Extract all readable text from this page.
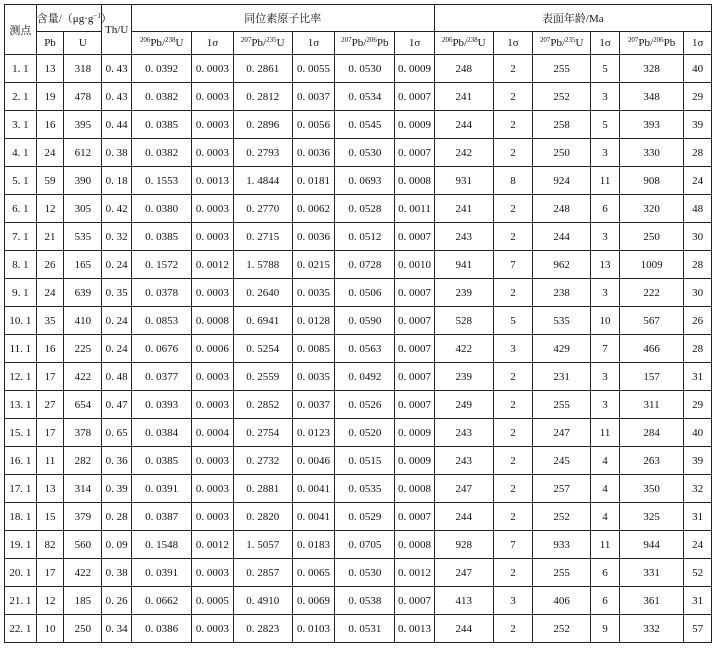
测点	含量$/(\mu g\cdot g^{-1})$		Th/U	同位素原子比率						表面年龄/Ma					
	Pb	U		$^{206}$Pb/$^{238}$U	1σ	$^{207}$Pb/$^{235}$U	1σ	$^{207}$Pb/$^{206}$Pb	1σ	$^{206}$Pb/$^{238}$U	1σ	$^{207}$Pb/$^{235}$U	1σ	$^{207}$Pb/$^{206}$Pb	1σ
1. 1	13	318	0. 43	0. 0392	0. 0003	0. 2861	0. 0055	0. 0530	0. 0009	248	2	255	5	328	40
2. 1	19	478	0. 43	0. 0382	0. 0003	0. 2812	0. 0037	0. 0534	0. 0007	241	2	252	3	348	29
3. 1	16	395	0. 44	0. 0385	0. 0003	0. 2896	0. 0056	0. 0545	0. 0009	244	2	258	5	393	39
4. 1	24	612	0. 38	0. 0382	0. 0003	0. 2793	0. 0036	0. 0530	0. 0007	242	2	250	3	330	28
5. 1	59	390	0. 18	0. 1553	0. 0013	1. 4844	0. 0181	0. 0693	0. 0008	931	8	924	11	908	24
6. 1	12	305	0. 42	0. 0380	0. 0003	0. 2770	0. 0062	0. 0528	0. 0011	241	2	248	6	320	48
7. 1	21	535	0. 32	0. 0385	0. 0003	0. 2715	0. 0036	0. 0512	0. 0007	243	2	244	3	250	30
8. 1	26	165	0. 24	0. 1572	0. 0012	1. 5788	0. 0215	0. 0728	0. 0010	941	7	962	13	1009	28
9. 1	24	639	0. 35	0. 0378	0. 0003	0. 2640	0. 0035	0. 0506	0. 0007	239	2	238	3	222	30
10. 1	35	410	0. 24	0. 0853	0. 0008	0. 6941	0. 0128	0. 0590	0. 0007	528	5	535	10	567	26
11. 1	16	225	0. 24	0. 0676	0. 0006	0. 5254	0. 0085	0. 0563	0. 0007	422	3	429	7	466	28
12. 1	17	422	0. 48	0. 0377	0. 0003	0. 2559	0. 0035	0. 0492	0. 0007	239	2	231	3	157	31
13. 1	27	654	0. 47	0. 0393	0. 0003	0. 2852	0. 0037	0. 0526	0. 0007	249	2	255	3	311	29
15. 1	17	378	0. 65	0. 0384	0. 0004	0. 2754	0. 0123	0. 0520	0. 0009	243	2	247	11	284	40
16. 1	11	282	0. 36	0. 0385	0. 0003	0. 2732	0. 0046	0. 0515	0. 0009	243	2	245	4	263	39
17. 1	13	314	0. 39	0. 0391	0. 0003	0. 2881	0. 0041	0. 0535	0. 0008	247	2	257	4	350	32
18. 1	15	379	0. 28	0. 0387	0. 0003	0. 2820	0. 0041	0. 0529	0. 0007	244	2	252	4	325	31
19. 1	82	560	0. 09	0. 1548	0. 0012	1. 5057	0. 0183	0. 0705	0. 0008	928	7	933	11	944	24
20. 1	17	422	0. 38	0. 0391	0. 0003	0. 2857	0. 0065	0. 0530	0. 0012	247	2	255	6	331	52
21. 1	12	185	0. 26	0. 0662	0. 0005	0. 4910	0. 0069	0. 0538	0. 0007	413	3	406	6	361	31
22. 1	10	250	0. 34	0. 0386	0. 0003	0. 2823	0. 0103	0. 0531	0. 0013	244	2	252	9	332	57
